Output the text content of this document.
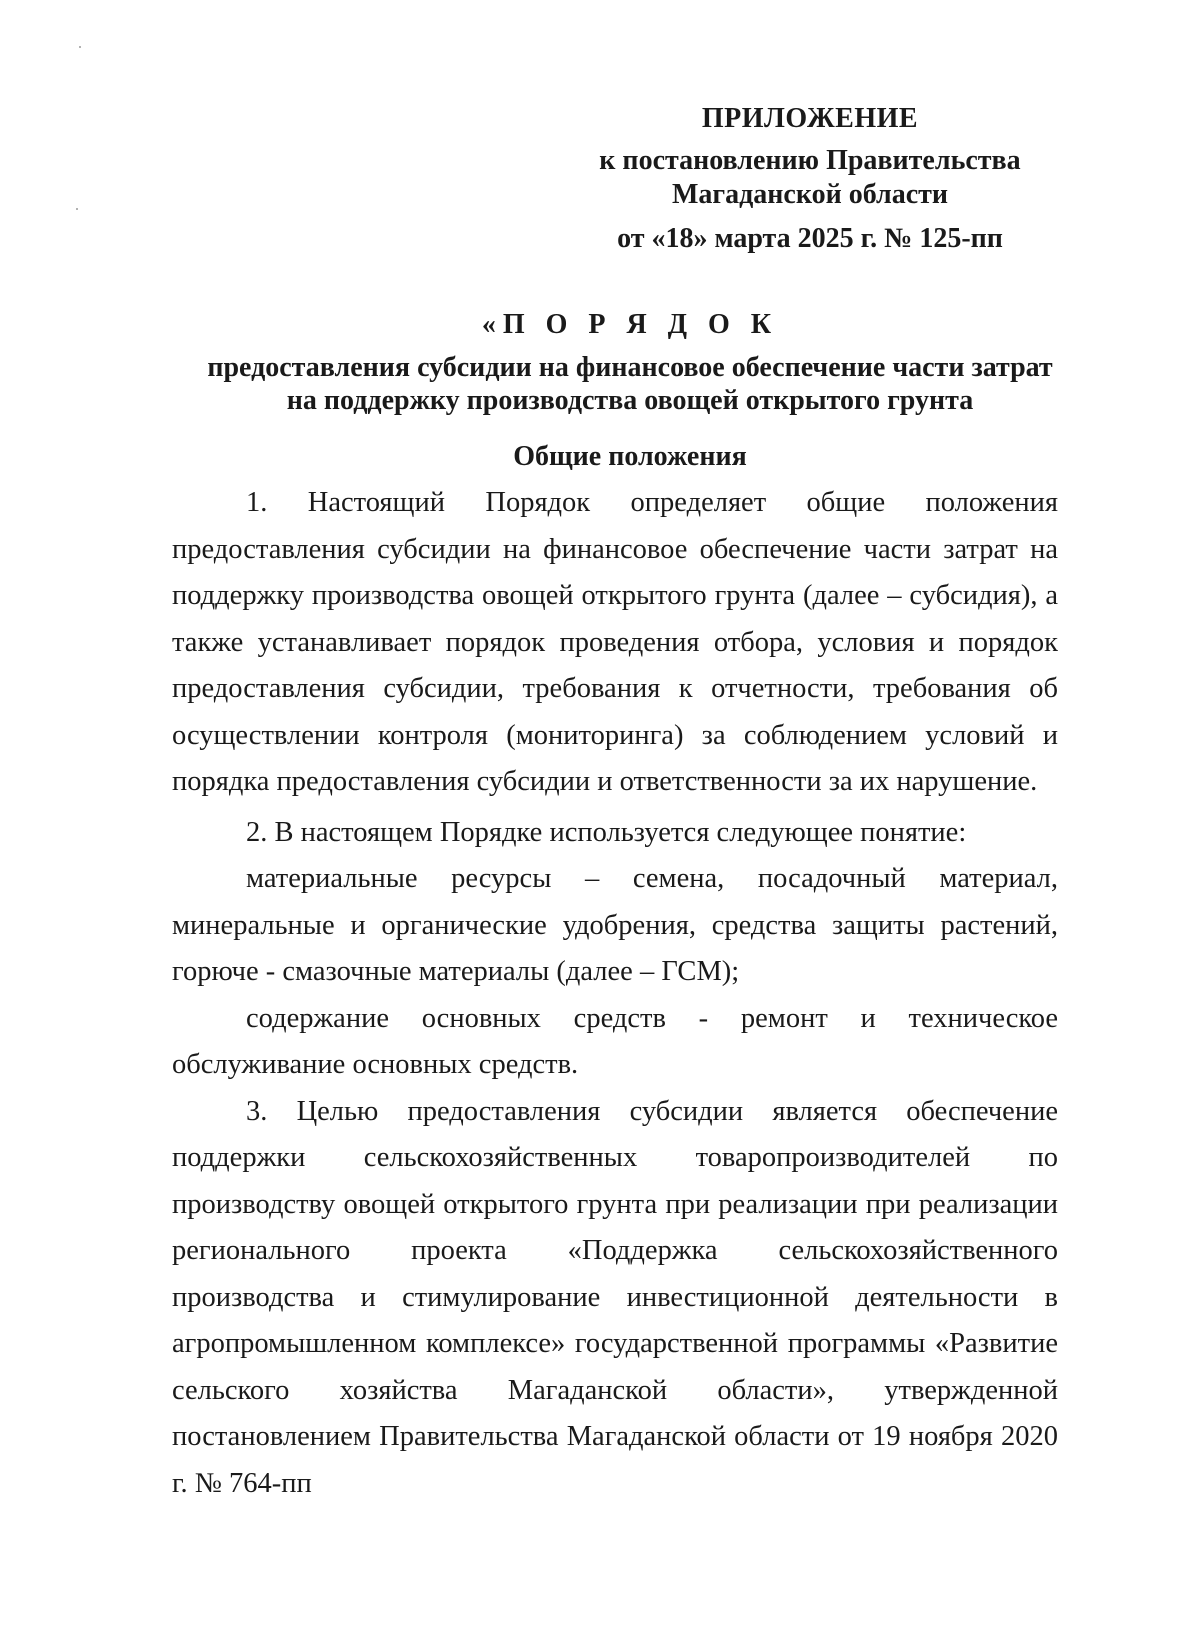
ПРИЛОЖЕНИЕ
к постановлению Правительства
Магаданской области
от «18» марта 2025 г. № 125-пп
«П О Р Я Д О К
предоставления субсидии на финансовое обеспечение части затрат
на поддержку производства овощей открытого грунта
Общие положения

1. Настоящий Порядок определяет общие положения предоставления субсидии на финансовое обеспечение части затрат на поддержку производства овощей открытого грунта (далее – субсидия), а также устанавливает порядок проведения отбора, условия и порядок предоставления субсидии, требования к отчетности, требования об осуществлении контроля (мониторинга) за соблюдением условий и порядка предоставления субсидии и ответственности за их нарушение.

2. В настоящем Порядке используется следующее понятие:

материальные ресурсы – семена, посадочный материал, минеральные и органические удобрения, средства защиты растений, горюче - смазочные материалы (далее – ГСМ);

содержание основных средств - ремонт и техническое обслуживание основных средств.

3. Целью предоставления субсидии является обеспечение поддержки сельскохозяйственных товаропроизводителей по производству овощей открытого грунта при реализации при реализации регионального проекта «Поддержка сельскохозяйственного производства и стимулирование инвестиционной деятельности в агропромышленном комплексе» государственной программы «Развитие сельского хозяйства Магаданской области», утвержденной постановлением Правительства Магаданской области от 19 ноября 2020 г. № 764-пп
